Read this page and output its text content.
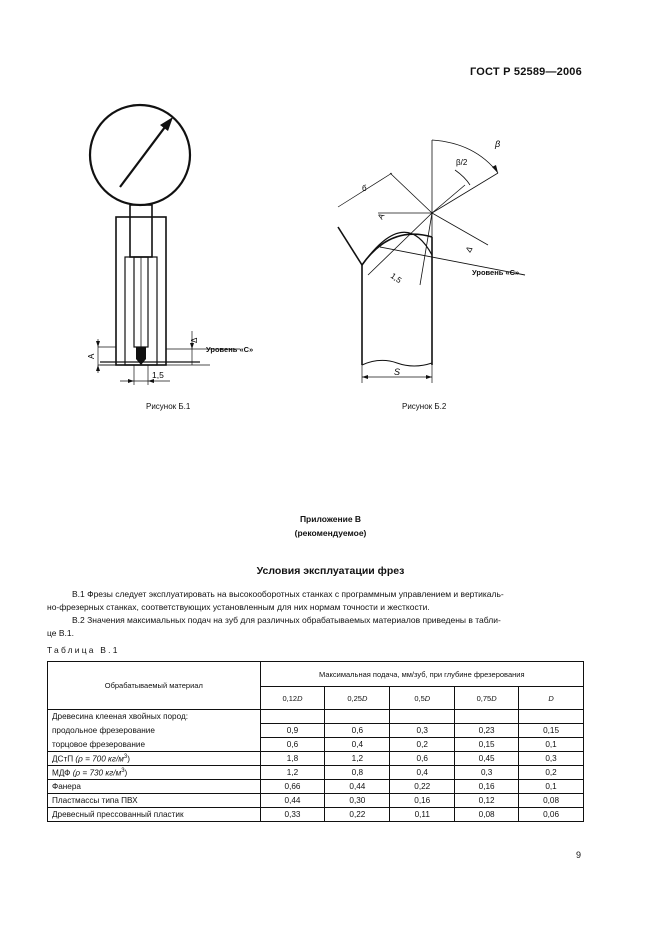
ГОСТ Р 52589—2006
A
Δ
1,5
Уровень «С»
Рисунок Б.1
S
β
β/2
б
A
Δ
1,5	Уровень «С»
Рисунок Б.2
Приложение В
(рекомендуемое)
Условия эксплуатации фрез
В.1 Фрезы следует эксплуатировать на высокооборотных станках с программным управлением и вертикаль-
но-фрезерных станках, соответствующих установленным для них нормам точности и жесткости.
В.2 Значения максимальных подач на зуб для различных обрабатываемых материалов приведены в табли-
це В.1.
Таблица В.1
Обрабатываемый материал	Максимальная подача, мм/зуб, при глубине фрезерования				
	0,12D	0,25D	0,5D	0,75D	D
Древесина клееная хвойных пород:					
продольное фрезерование	0,9	0,6	0,3	0,23	0,15
торцовое фрезерование	0,6	0,4	0,2	0,15	0,1
ДСтП (ρ = 700 $кг/м^3$)	1,8	1,2	0,6	0,45	0,3
МДФ (ρ = 730 $кг/м^3$)	1,2	0,8	0,4	0,3	0,2
Фанера	0,66	0,44	0,22	0,16	0,1
Пластмассы типа ПВХ	0,44	0,30	0,16	0,12	0,08
Древесный прессованный пластик	0,33	0,22	0,11	0,08	0,06
9
